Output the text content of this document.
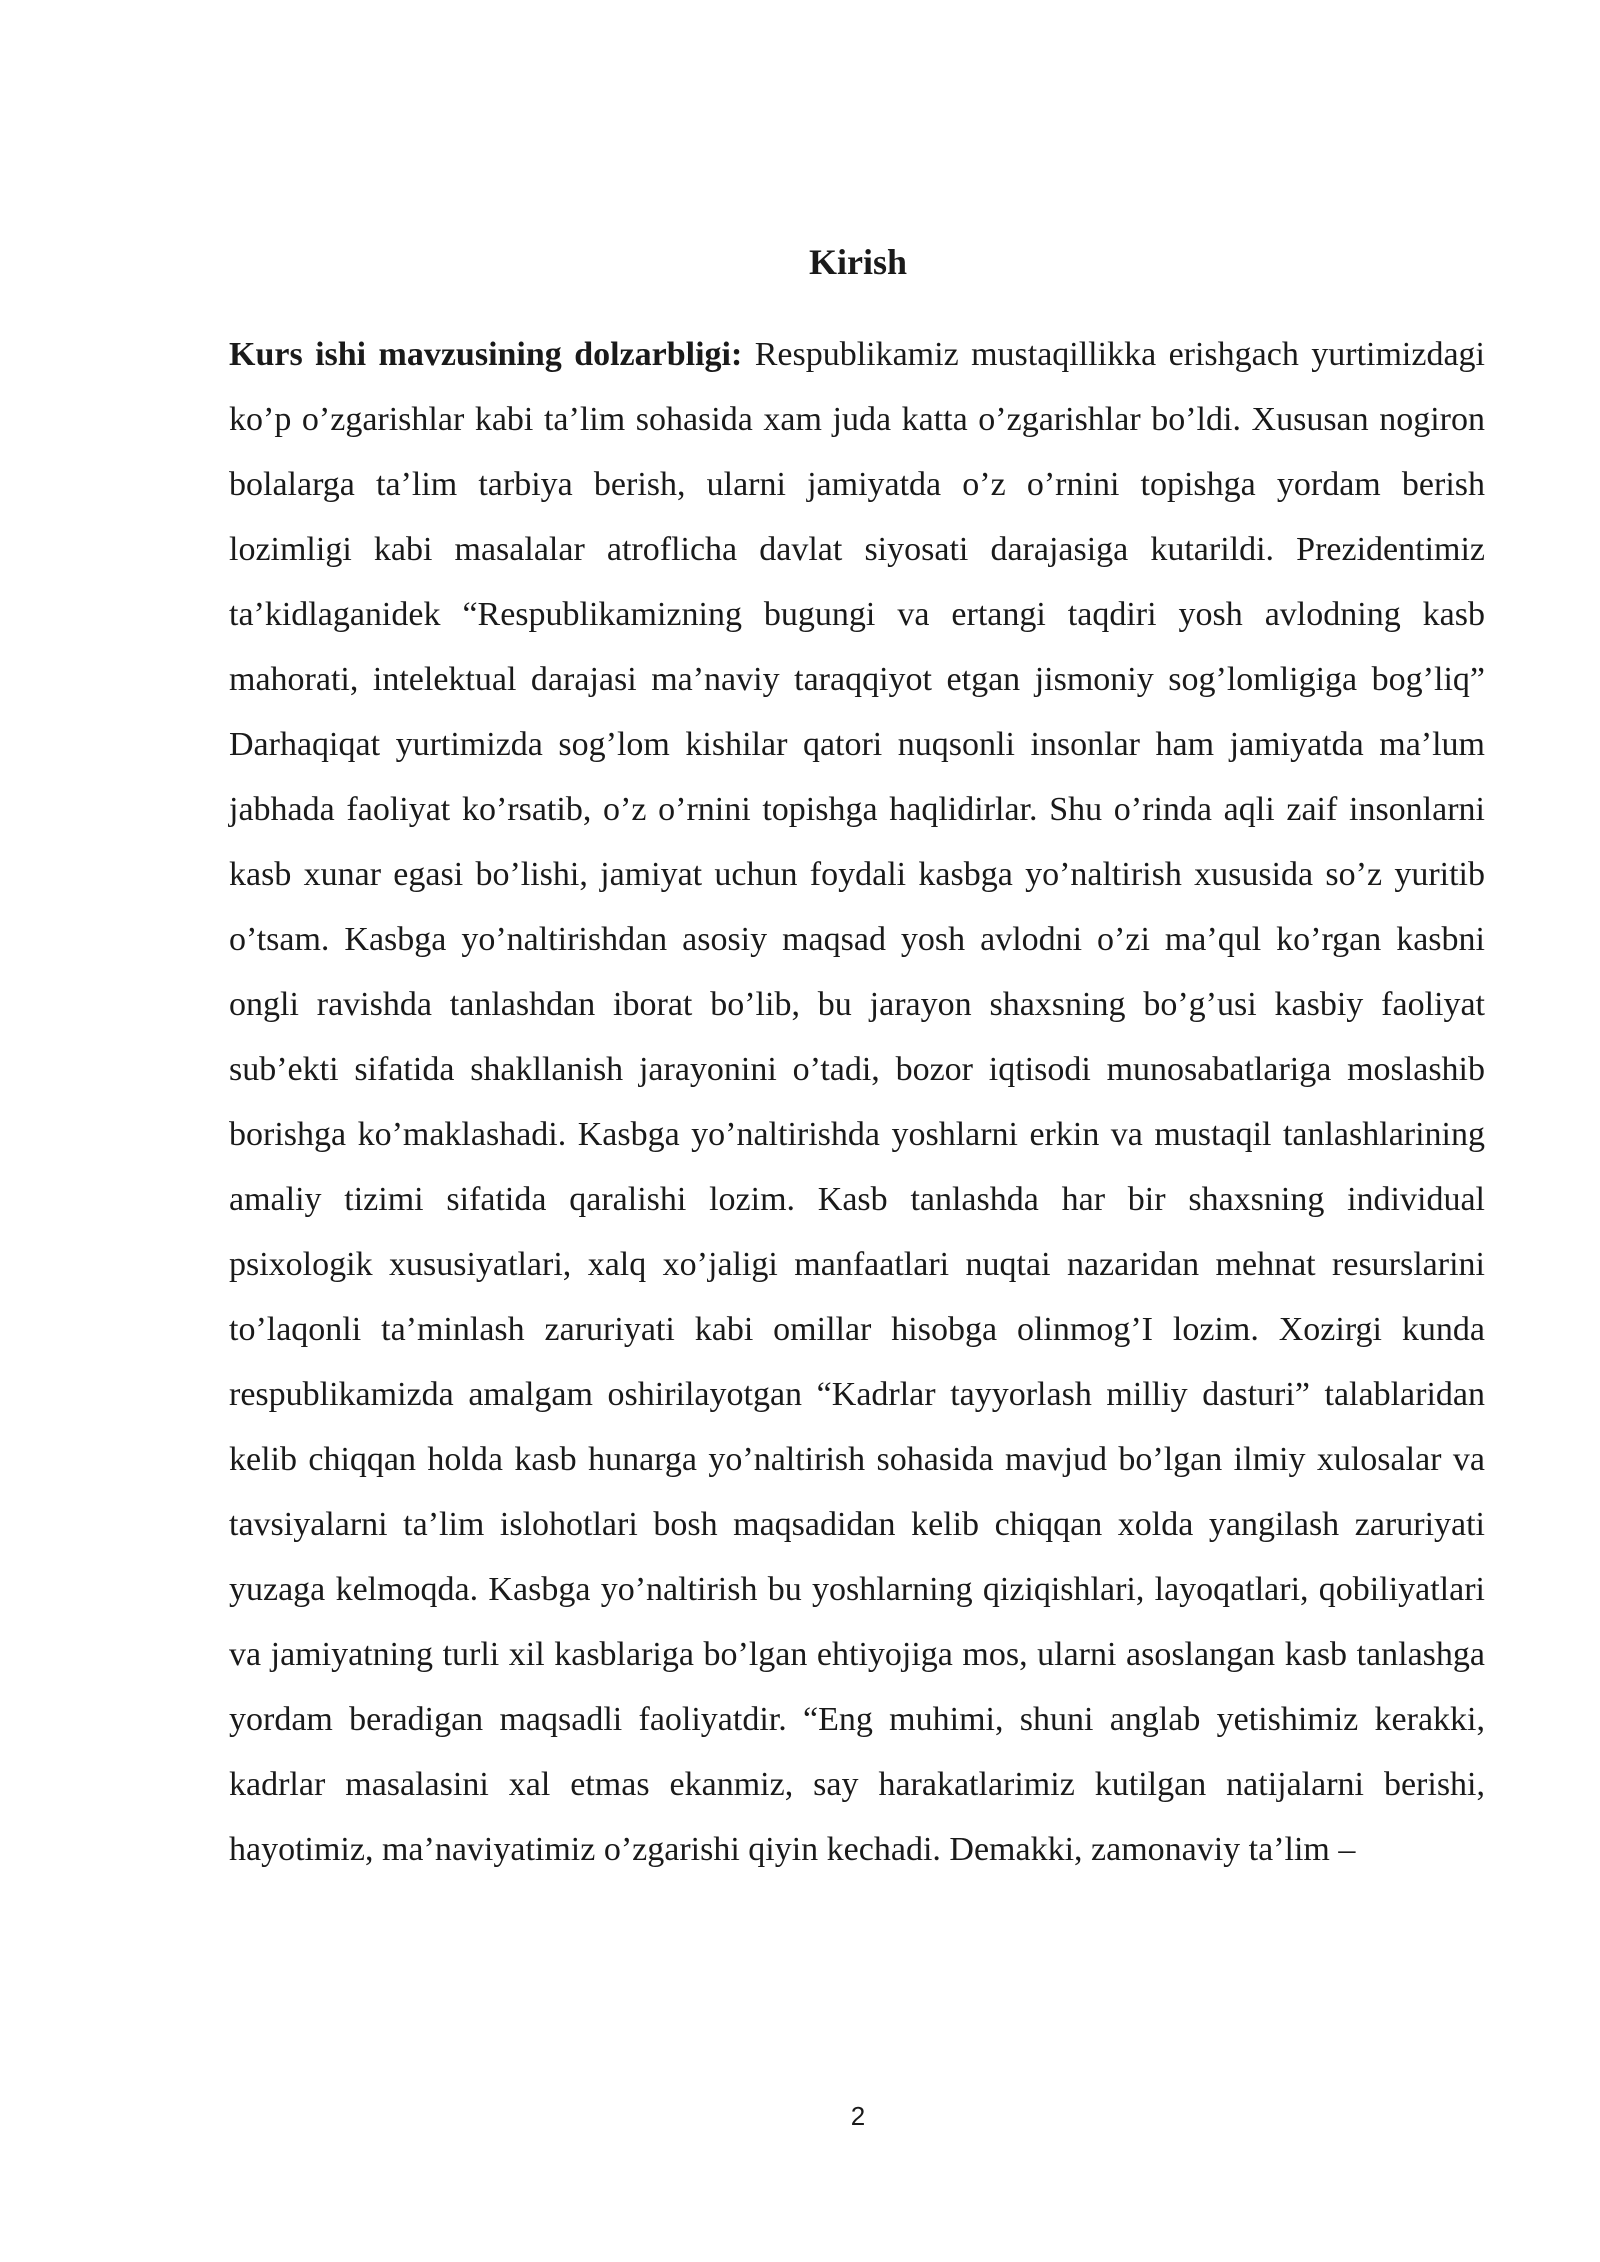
Kirish

Kurs ishi mavzusining dolzarbligi: Respublikamiz mustaqillikka erishgach yurtimizdagi ko’p o’zgarishlar kabi ta’lim sohasida xam juda katta o’zgarishlar bo’ldi. Xususan nogiron bolalarga ta’lim tarbiya berish, ularni jamiyatda o’z o’rnini topishga yordam berish lozimligi kabi masalalar atroflicha davlat siyosati darajasiga kutarildi. Prezidentimiz ta’kidlaganidek “Respublikamizning bugungi va ertangi taqdiri yosh avlodning kasb mahorati, intelektual darajasi ma’naviy taraqqiyot etgan jismoniy sog’lomligiga bog’liq” Darhaqiqat yurtimizda sog’lom kishilar qatori nuqsonli insonlar ham jamiyatda ma’lum jabhada faoliyat ko’rsatib, o’z o’rnini topishga haqlidirlar. Shu o’rinda aqli zaif insonlarni kasb xunar egasi bo’lishi, jamiyat uchun foydali kasbga yo’naltirish xususida so’z yuritib o’tsam. Kasbga yo’naltirishdan asosiy maqsad yosh avlodni o’zi ma’qul ko’rgan kasbni ongli ravishda tanlashdan iborat bo’lib, bu jarayon shaxsning bo’g’usi kasbiy faoliyat sub’ekti sifatida shakllanish jarayonini o’tadi, bozor iqtisodi munosabatlariga moslashib borishga ko’maklashadi. Kasbga yo’naltirishda yoshlarni erkin va mustaqil tanlashlarining amaliy tizimi sifatida qaralishi lozim. Kasb tanlashda har bir shaxsning individual psixologik xususiyatlari, xalq xo’jaligi manfaatlari nuqtai nazaridan mehnat resurslarini to’laqonli ta’minlash zaruriyati kabi omillar hisobga olinmog’I lozim. Xozirgi kunda respublikamizda amalgam oshirilayotgan “Kadrlar tayyorlash milliy dasturi” talablaridan kelib chiqqan holda kasb hunarga yo’naltirish sohasida mavjud bo’lgan ilmiy xulosalar va tavsiyalarni ta’lim islohotlari bosh maqsadidan kelib chiqqan xolda yangilash zaruriyati yuzaga kelmoqda. Kasbga yo’naltirish bu yoshlarning qiziqishlari, layoqatlari, qobiliyatlari va jamiyatning turli xil kasblariga bo’lgan ehtiyojiga mos, ularni asoslangan kasb tanlashga yordam beradigan maqsadli faoliyatdir. “Eng muhimi, shuni anglab yetishimiz kerakki, kadrlar masalasini xal etmas ekanmiz, say harakatlarimiz kutilgan natijalarni berishi, hayotimiz, ma’naviyatimiz o’zgarishi qiyin kechadi. Demakki, zamonaviy ta’lim –

2
